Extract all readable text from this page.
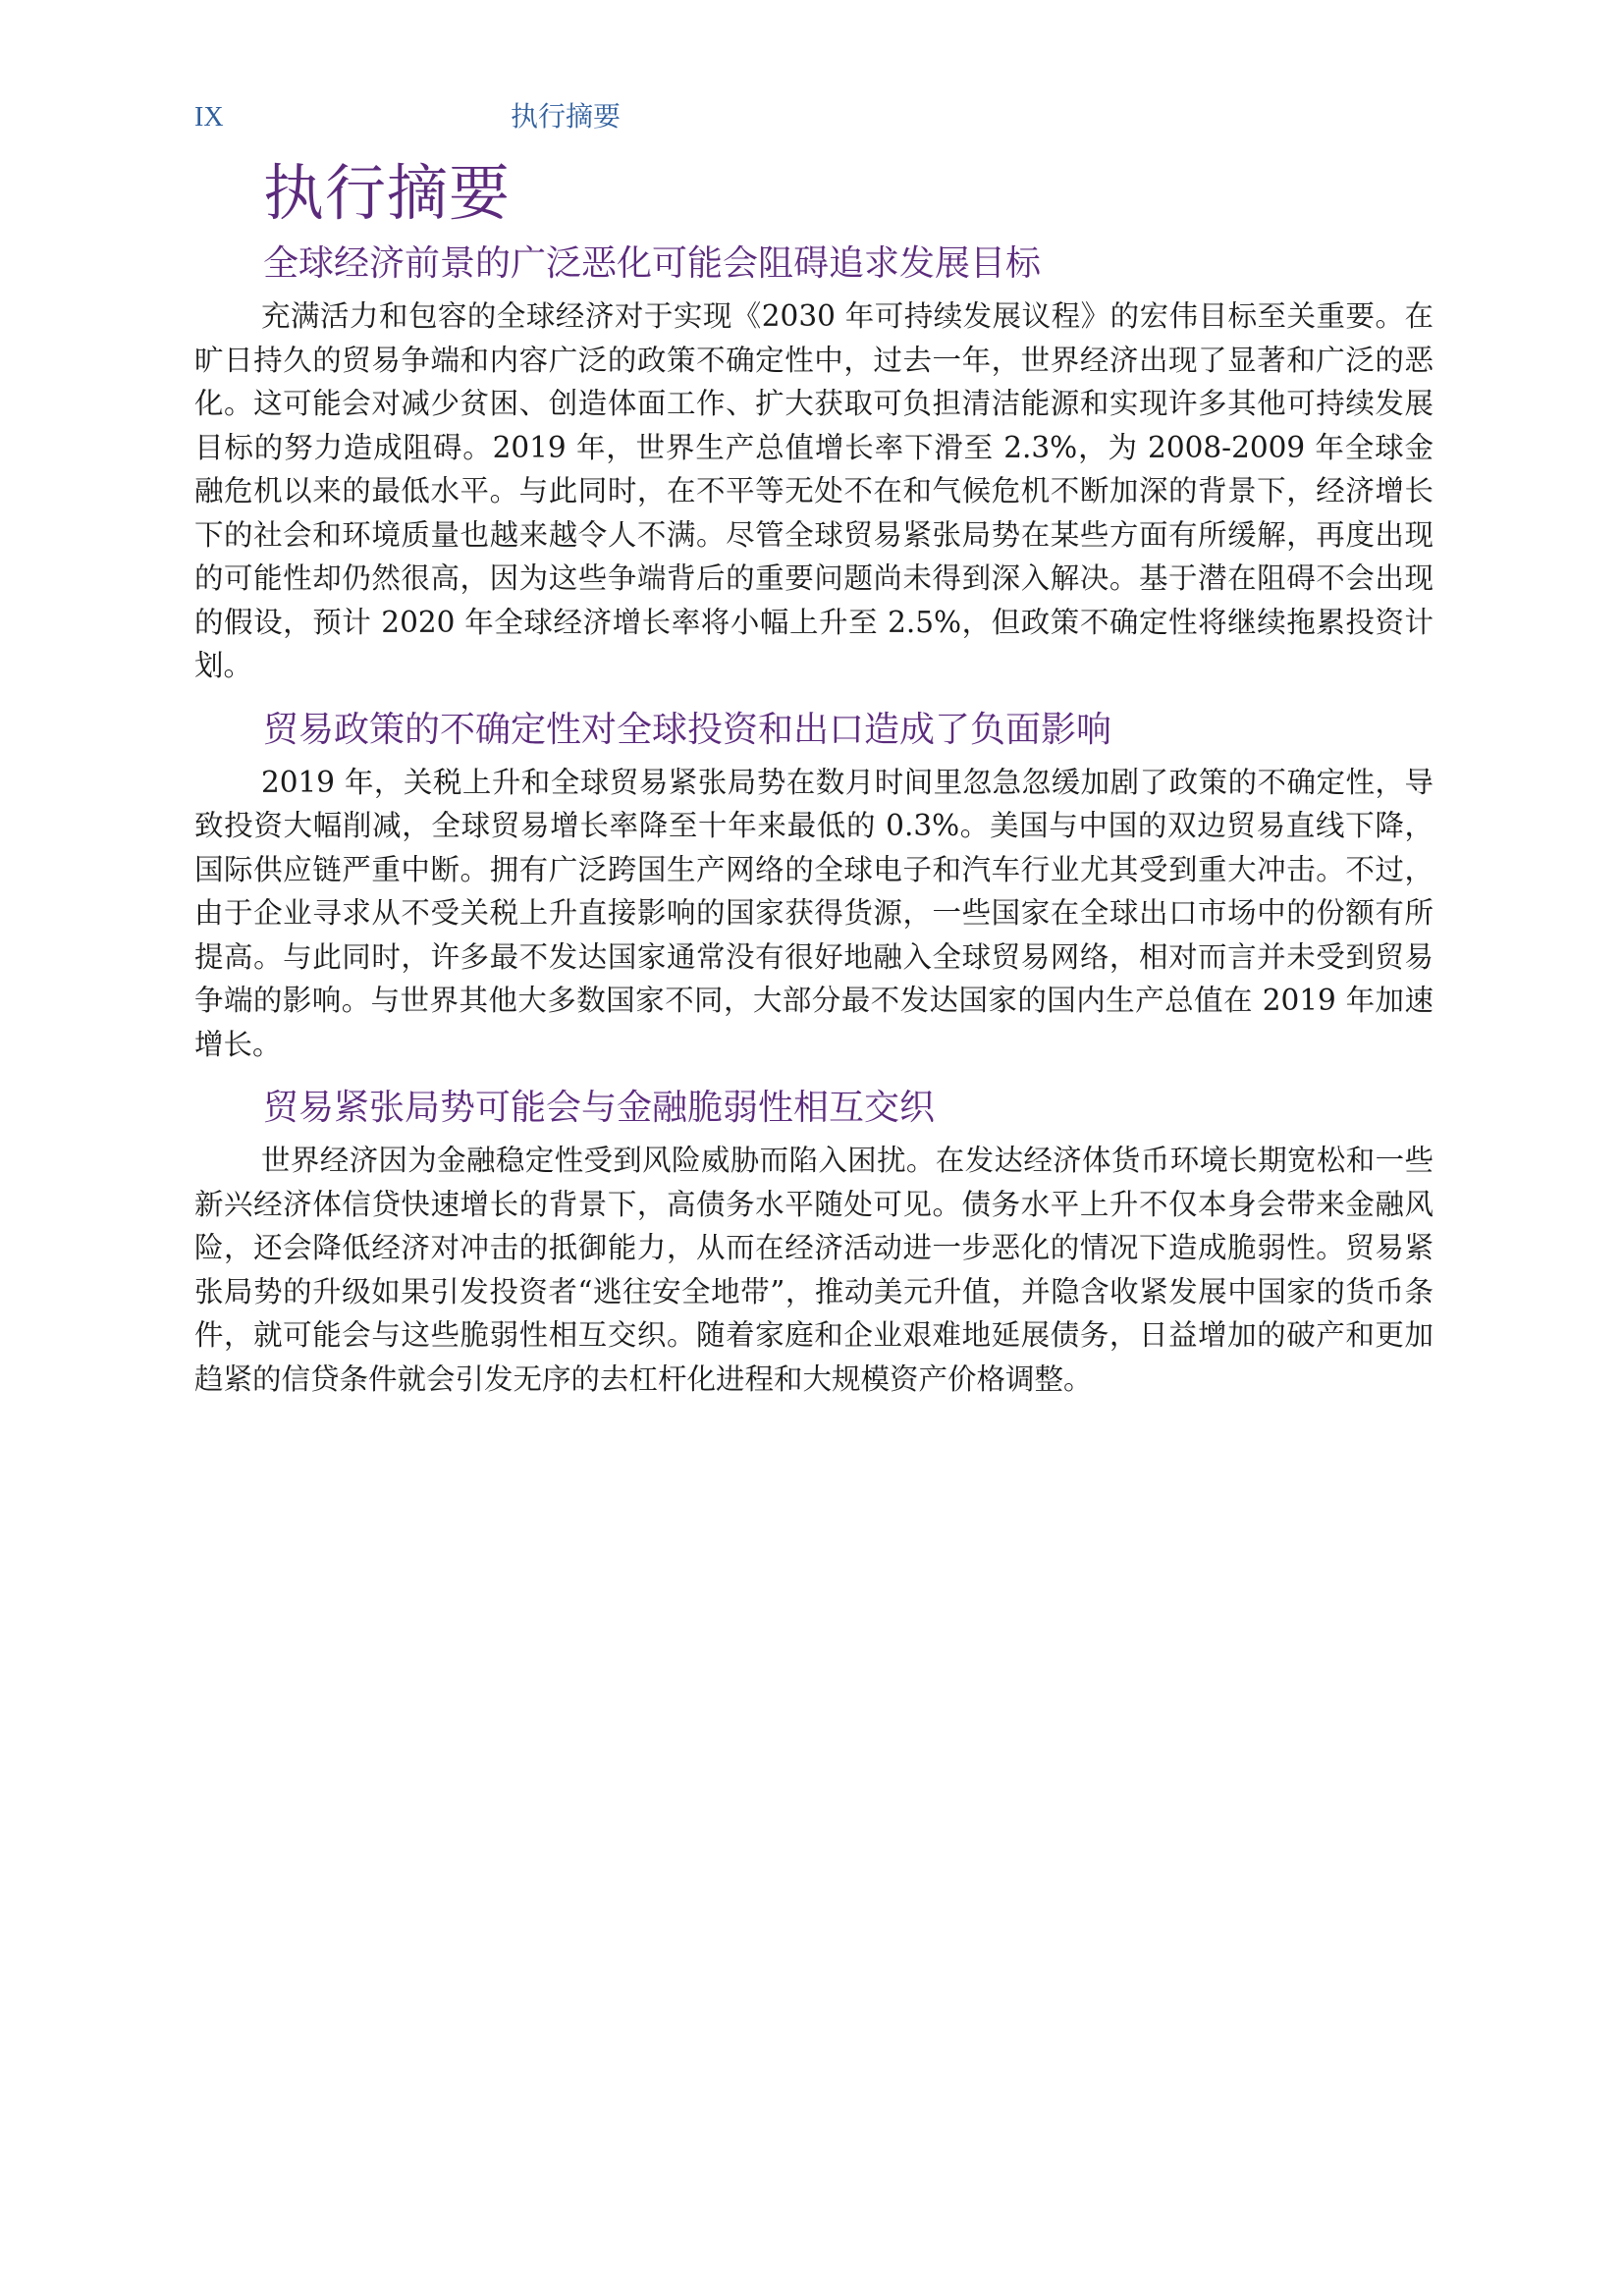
IX	执行摘要
执行摘要
全球经济前景的广泛恶化可能会阻碍追求发展目标

充满活力和包容的全球经济对于实现《2030 年可持续发展议程》的宏伟目标至关重要。在旷日持久的贸易争端和内容广泛的政策不确定性中，过去一年，世界经济出现了显著和广泛的恶化。这可能会对减少贫困、创造体面工作、扩大获取可负担清洁能源和实现许多其他可持续发展目标的努力造成阻碍。2019 年，世界生产总值增长率下滑至 2.3%，为 2008-2009 年全球金融危机以来的最低水平。与此同时，在不平等无处不在和气候危机不断加深的背景下，经济增长下的社会和环境质量也越来越令人不满。尽管全球贸易紧张局势在某些方面有所缓解，再度出现的可能性却仍然很高，因为这些争端背后的重要问题尚未得到深入解决。基于潜在阻碍不会出现的假设，预计 2020 年全球经济增长率将小幅上升至 2.5%，但政策不确定性将继续拖累投资计划。

贸易政策的不确定性对全球投资和出口造成了负面影响

2019 年，关税上升和全球贸易紧张局势在数月时间里忽急忽缓加剧了政策的不确定性，导致投资大幅削减，全球贸易增长率降至十年来最低的 0.3%。美国与中国的双边贸易直线下降，国际供应链严重中断。拥有广泛跨国生产网络的全球电子和汽车行业尤其受到重大冲击。不过，由于企业寻求从不受关税上升直接影响的国家获得货源，一些国家在全球出口市场中的份额有所提高。与此同时，许多最不发达国家通常没有很好地融入全球贸易网络，相对而言并未受到贸易争端的影响。与世界其他大多数国家不同，大部分最不发达国家的国内生产总值在 2019 年加速增长。

贸易紧张局势可能会与金融脆弱性相互交织

世界经济因为金融稳定性受到风险威胁而陷入困扰。在发达经济体货币环境长期宽松和一些新兴经济体信贷快速增长的背景下，高债务水平随处可见。债务水平上升不仅本身会带来金融风险，还会降低经济对冲击的抵御能力，从而在经济活动进一步恶化的情况下造成脆弱性。贸易紧张局势的升级如果引发投资者“逃往安全地带”，推动美元升值，并隐含收紧发展中国家的货币条件，就可能会与这些脆弱性相互交织。随着家庭和企业艰难地延展债务，日益增加的破产和更加趋紧的信贷条件就会引发无序的去杠杆化进程和大规模资产价格调整。
